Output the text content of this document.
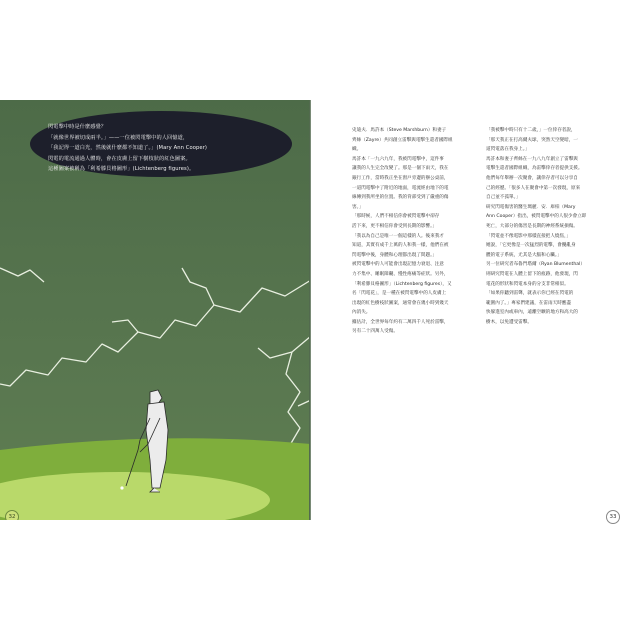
閃電擊中時是什麼感覺？　　

「就像世界被切成兩半。」——一位被閃電擊中的人回憶道，

「我記得一道白光，然後就什麼都不知道了。」(Mary Ann Cooper)

閃電的電流通過人體時，會在皮膚上留下樹枝狀的紅色圖案。

這種圖案被稱為「利希滕貝格圖形」(Lichtenberg figures)。

32

史迪夫．馬許本（Steve Marshburn）和妻子

齊絲（Zayre）共同創立雷擊與電擊生還者國際組

織。

馬許本「一九六九年，我被閃電擊中，這件事

讓我的人生完全改變了。那是一個下雨天，我在

銀行工作，當時我正坐在窗戶旁邊的辦公桌前，

一道閃電擊中了附近的地面，電流經由地下的電

線傳到我所坐的位置。我的背部受到了嚴重的傷

害。」

「那時候，人們不相信你會被閃電擊中卻存

活下來，更不相信你會受到長期的影響。」

「我以為自己是唯一一個這樣的人。後來我才

知道，其實有成千上萬的人和我一樣，他們在被

閃電擊中後，身體和心理都出現了問題。」

被閃電擊中的人可能會出現記憶力衰退、注意

力不集中、睡眠障礙、慢性疼痛等症狀。另外，

「利希滕貝格圖形」（Lichtenberg figures），又

名「閃電花」，是一種在被閃電擊中的人皮膚上

出現的紅色樹枝狀圖案，通常會在幾小時到幾天

內消失。

據估計，全世界每年約有二萬四千人死於雷擊，

另有二十四萬人受傷。

「我被擊中時只有十二歲，」一位倖存者說，

「那天我正在打高爾夫球，突然天空變暗，一

道閃電落在我身上。」

馬許本和妻子齊絲在一九八九年創立了雷擊與

電擊生還者國際組織，為雷擊倖存者提供支援。

他們每年舉辦一次聚會，讓倖存者可以分享自

己的經歷。「很多人在聚會中第一次發現，原來

自己並不孤單。」

研究閃電傷害的醫生瑪麗．安．庫柏（Mary

Ann Cooper）指出，被閃電擊中的人很少會立即

死亡，大部分的傷害是長期的神經系統損傷。

「閃電並不像電影中那樣直接把人燒焦，」

她說，「它更像是一次猛烈的電擊，會擾亂身

體的電子系統，尤其是大腦和心臟。」

另一位研究者布魯門塔爾（Ryan Blumenthal）

則研究閃電在人體上留下的痕跡，他發現，閃

電花的形狀和閃電本身的分支非常相似。

「如果你聽到雷聲，就表示你已經在閃電的

範圍內了。」專家們建議，在雷雨天時應盡

快躲進室內或車內，遠離空曠的地方和高大的

樹木，以免遭受雷擊。

33
